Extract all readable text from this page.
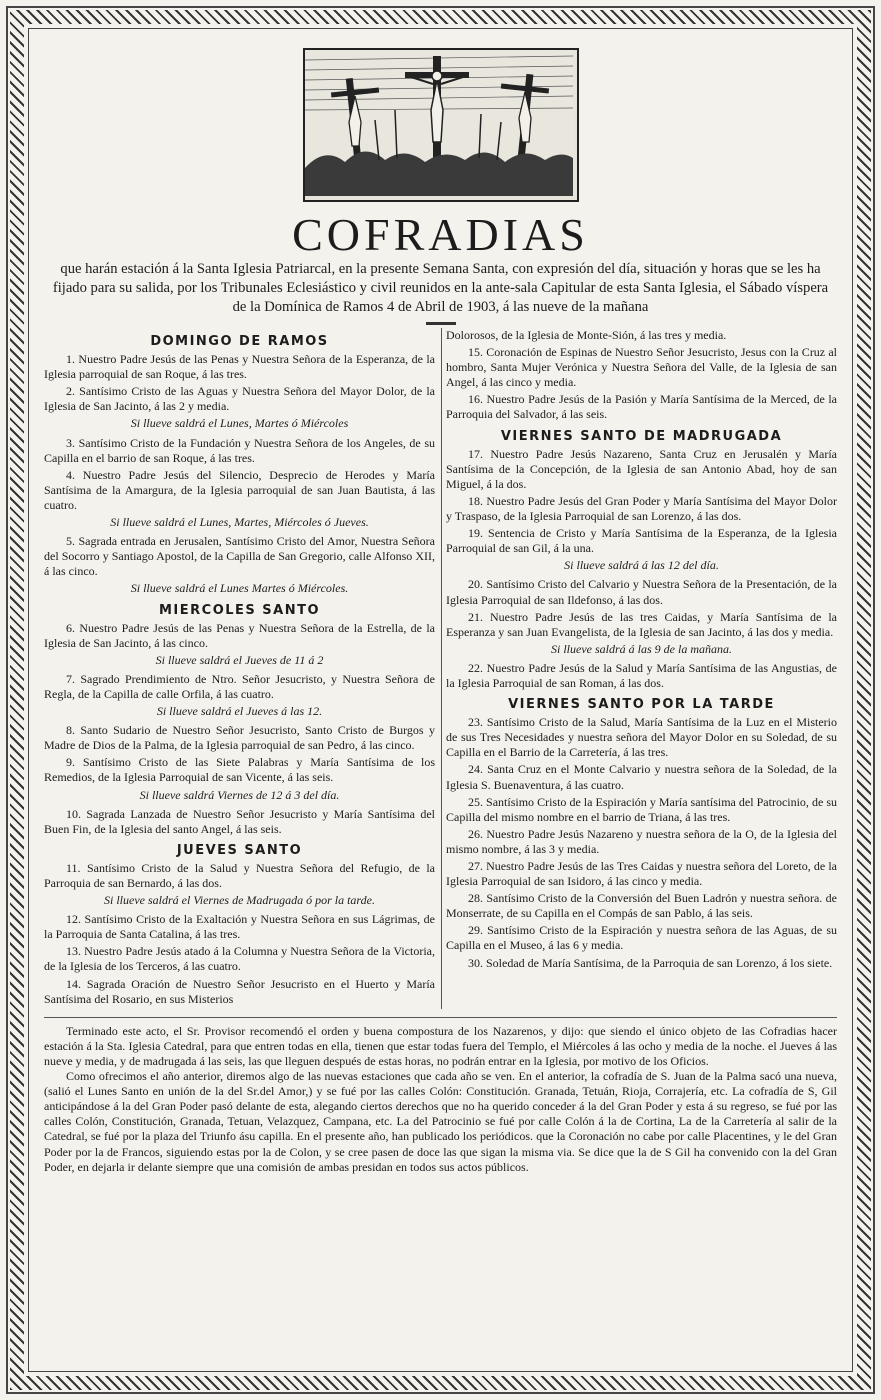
COFRADIAS
que harán estación á la Santa Iglesia Patriarcal, en la presente Semana Santa, con expresión del día, situación y horas que se les ha fijado para su salida, por los Tribunales Eclesiástico y civil reunidos en la ante-sala Capitular de esta Santa Iglesia, el Sábado víspera de la Domínica de Ramos 4 de Abril de 1903, á las nueve de la mañana
DOMINGO DE RAMOS

1. Nuestro Padre Jesús de las Penas y Nuestra Señora de la Esperanza, de la Iglesia parroquial de san Roque, á las tres.

2. Santísimo Cristo de las Aguas y Nuestra Señora del Mayor Dolor, de la Iglesia de San Jacinto, á las 2 y media.

Si llueve saldrá el Lunes, Martes ó Miércoles

3. Santísimo Cristo de la Fundación y Nuestra Señora de los Angeles, de su Capilla en el barrio de san Roque, á las tres.

4. Nuestro Padre Jesús del Silencio, Desprecio de Herodes y María Santísima de la Amargura, de la Iglesia parroquial de san Juan Bautista, á las cuatro.

Si llueve saldrá el Lunes, Martes, Miércoles ó Jueves.

5. Sagrada entrada en Jerusalen, Santísimo Cristo del Amor, Nuestra Señora del Socorro y Santiago Apostol, de la Capilla de San Gregorio, calle Alfonso XII, á las cinco.

Si llueve saldrá el Lunes Martes ó Miércoles.

MIERCOLES SANTO

6. Nuestro Padre Jesús de las Penas y Nuestra Señora de la Estrella, de la Iglesia de San Jacinto, á las cinco.

Si llueve saldrá el Jueves de 11 á 2

7. Sagrado Prendimiento de Ntro. Señor Jesucristo, y Nuestra Señora de Regla, de la Capilla de calle Orfila, á las cuatro.

Si llueve saldrá el Jueves á las 12.

8. Santo Sudario de Nuestro Señor Jesucristo, Santo Cristo de Burgos y Madre de Dios de la Palma, de la Iglesia parroquial de san Pedro, á las cinco.

9. Santísimo Cristo de las Siete Palabras y María Santísima de los Remedios, de la Iglesia Parroquial de san Vicente, á las seis.

Si llueve saldrá Viernes de 12 á 3 del día.

10. Sagrada Lanzada de Nuestro Señor Jesucristo y María Santísima del Buen Fin, de la Iglesia del santo Angel, á las seis.

JUEVES SANTO

11. Santísimo Cristo de la Salud y Nuestra Señora del Refugio, de la Parroquia de san Bernardo, á las dos.

Si llueve saldrá el Viernes de Madrugada ó por la tarde.

12. Santísimo Cristo de la Exaltación y Nuestra Señora en sus Lágrimas, de la Parroquia de Santa Catalina, á las tres.

13. Nuestro Padre Jesús atado á la Columna y Nuestra Señora de la Victoria, de la Iglesia de los Terceros, á las cuatro.

14. Sagrada Oración de Nuestro Señor Jesucristo en el Huerto y María Santísima del Rosario, en sus Misterios

Dolorosos, de la Iglesia de Monte-Sión, á las tres y media.

15. Coronación de Espinas de Nuestro Señor Jesucristo, Jesus con la Cruz al hombro, Santa Mujer Verónica y Nuestra Señora del Valle, de la Iglesia de san Angel, á las cinco y media.

16. Nuestro Padre Jesús de la Pasión y María Santísima de la Merced, de la Parroquia del Salvador, á las seis.

VIERNES SANTO DE MADRUGADA

17. Nuestro Padre Jesús Nazareno, Santa Cruz en Jerusalén y María Santísima de la Concepción, de la Iglesia de san Antonio Abad, hoy de san Miguel, á la dos.

18. Nuestro Padre Jesús del Gran Poder y María Santísima del Mayor Dolor y Traspaso, de la Iglesia Parroquial de san Lorenzo, á las dos.

19. Sentencia de Cristo y María Santísima de la Esperanza, de la Iglesia Parroquial de san Gil, á la una.

Si llueve saldrá á las 12 del día.

20. Santísimo Cristo del Calvario y Nuestra Señora de la Presentación, de la Iglesia Parroquial de san Ildefonso, á las dos.

21. Nuestro Padre Jesús de las tres Caidas, y María Santísima de la Esperanza y san Juan Evangelista, de la Iglesia de san Jacinto, á las dos y media.

Si llueve saldrá á las 9 de la mañana.

22. Nuestro Padre Jesús de la Salud y María Santísima de las Angustias, de la Iglesia Parroquial de san Roman, á las dos.

VIERNES SANTO POR LA TARDE

23. Santísimo Cristo de la Salud, María Santísima de la Luz en el Misterio de sus Tres Necesidades y nuestra señora del Mayor Dolor en su Soledad, de su Capilla en el Barrio de la Carretería, á las tres.

24. Santa Cruz en el Monte Calvario y nuestra señora de la Soledad, de la Iglesia S. Buenaventura, á las cuatro.

25. Santísimo Cristo de la Espiración y María santísima del Patrocinio, de su Capilla del mismo nombre en el barrio de Triana, á las tres.

26. Nuestro Padre Jesús Nazareno y nuestra señora de la O, de la Iglesia del mismo nombre, á las 3 y media.

27. Nuestro Padre Jesús de las Tres Caidas y nuestra señora del Loreto, de la Iglesia Parroquial de san Isidoro, á las cinco y media.

28. Santísimo Cristo de la Conversión del Buen Ladrón y nuestra señora. de Monserrate, de su Capilla en el Compás de san Pablo, á las seis.

29. Santísimo Cristo de la Espiración y nuestra señora de las Aguas, de su Capilla en el Museo, á las 6 y media.

30. Soledad de María Santísima, de la Parroquia de san Lorenzo, á los siete.

Terminado este acto, el Sr. Provisor recomendó el orden y buena compostura de los Nazarenos, y dijo: que siendo el único objeto de las Cofradias hacer estación á la Sta. Iglesia Catedral, para que entren todas en ella, tienen que estar todas fuera del Templo, el Miércoles á las ocho y media de la noche. el Jueves á las nueve y media, y de madrugada á las seis, las que lleguen después de estas horas, no podrán entrar en la Iglesia, por motivo de los Oficios.

Como ofrecimos el año anterior, diremos algo de las nuevas estaciones que cada año se ven. En el anterior, la cofradía de S. Juan de la Palma sacó una nueva, (salió el Lunes Santo en unión de la del Sr.del Amor,) y se fué por las calles Colón: Constitución. Granada, Tetuán, Rioja, Corrajería, etc. La cofradía de S, Gil anticipándose á la del Gran Poder pasó delante de esta, alegando ciertos derechos que no ha querido conceder á la del Gran Poder y esta á su regreso, se fué por las calles Colón, Constitución, Granada, Tetuan, Velazquez, Campana, etc. La del Patrocinio se fué por calle Colón á la de Cortina, La de la Carretería al salir de la Catedral, se fué por la plaza del Triunfo ásu capilla. En el presente año, han publicado los periódicos. que la Coronación no cabe por calle Placentines, y le del Gran Poder por la de Francos, siguiendo estas por la de Colon, y se cree pasen de doce las que sigan la misma via. Se dice que la de S Gil ha convenido con la del Gran Poder, en dejarla ir delante siempre que una comisión de ambas presidan en todos sus actos públicos.
